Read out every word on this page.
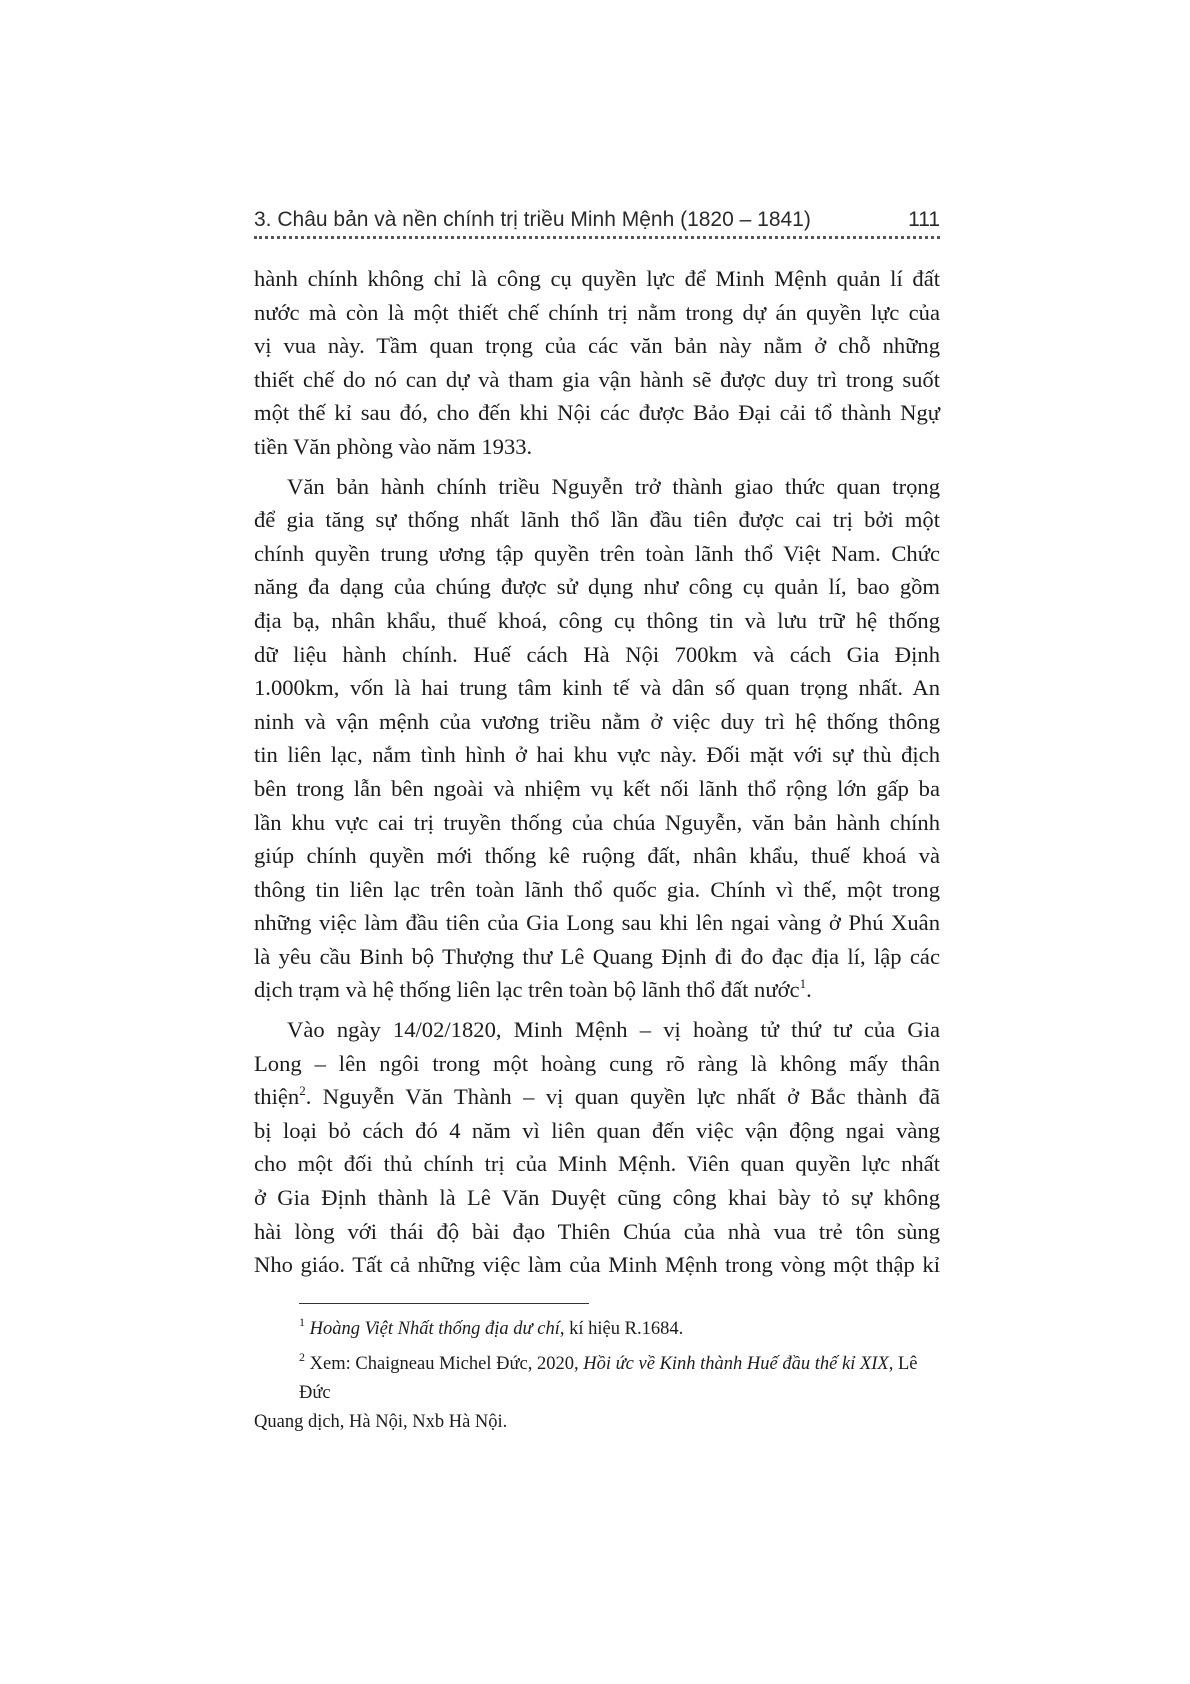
3. Châu bản và nền chính trị triều Minh Mệnh (1820 – 1841)	111

hành chính không chỉ là công cụ quyền lực để Minh Mệnh quản lí đất
nước mà còn là một thiết chế chính trị nằm trong dự án quyền lực của
vị vua này. Tầm quan trọng của các văn bản này nằm ở chỗ những
thiết chế do nó can dự và tham gia vận hành sẽ được duy trì trong suốt
một thế kỉ sau đó, cho đến khi Nội các được Bảo Đại cải tổ thành Ngự
tiền Văn phòng vào năm 1933.

Văn bản hành chính triều Nguyễn trở thành giao thức quan trọng
để gia tăng sự thống nhất lãnh thổ lần đầu tiên được cai trị bởi một
chính quyền trung ương tập quyền trên toàn lãnh thổ Việt Nam. Chức
năng đa dạng của chúng được sử dụng như công cụ quản lí, bao gồm
địa bạ, nhân khẩu, thuế khoá, công cụ thông tin và lưu trữ hệ thống
dữ liệu hành chính. Huế cách Hà Nội 700km và cách Gia Định
1.000km, vốn là hai trung tâm kinh tế và dân số quan trọng nhất. An
ninh và vận mệnh của vương triều nằm ở việc duy trì hệ thống thông
tin liên lạc, nắm tình hình ở hai khu vực này. Đối mặt với sự thù địch
bên trong lẫn bên ngoài và nhiệm vụ kết nối lãnh thổ rộng lớn gấp ba
lần khu vực cai trị truyền thống của chúa Nguyễn, văn bản hành chính
giúp chính quyền mới thống kê ruộng đất, nhân khẩu, thuế khoá và
thông tin liên lạc trên toàn lãnh thổ quốc gia. Chính vì thế, một trong
những việc làm đầu tiên của Gia Long sau khi lên ngai vàng ở Phú Xuân
là yêu cầu Binh bộ Thượng thư Lê Quang Định đi đo đạc địa lí, lập các
dịch trạm và hệ thống liên lạc trên toàn bộ lãnh thổ đất nước$^1$.

Vào ngày 14/02/1820, Minh Mệnh – vị hoàng tử thứ tư của Gia
Long – lên ngôi trong một hoàng cung rõ ràng là không mấy thân
thiện$^2$. Nguyễn Văn Thành – vị quan quyền lực nhất ở Bắc thành đã
bị loại bỏ cách đó 4 năm vì liên quan đến việc vận động ngai vàng
cho một đối thủ chính trị của Minh Mệnh. Viên quan quyền lực nhất
ở Gia Định thành là Lê Văn Duyệt cũng công khai bày tỏ sự không
hài lòng với thái độ bài đạo Thiên Chúa của nhà vua trẻ tôn sùng
Nho giáo. Tất cả những việc làm của Minh Mệnh trong vòng một thập kỉ

$^1$ Hoàng Việt Nhất thống địa dư chí, kí hiệu R.1684.
$^2$ Xem: Chaigneau Michel Đức, 2020, Hồi ức về Kinh thành Huế đầu thế kỉ XIX, Lê Đức
Quang dịch, Hà Nội, Nxb Hà Nội.
